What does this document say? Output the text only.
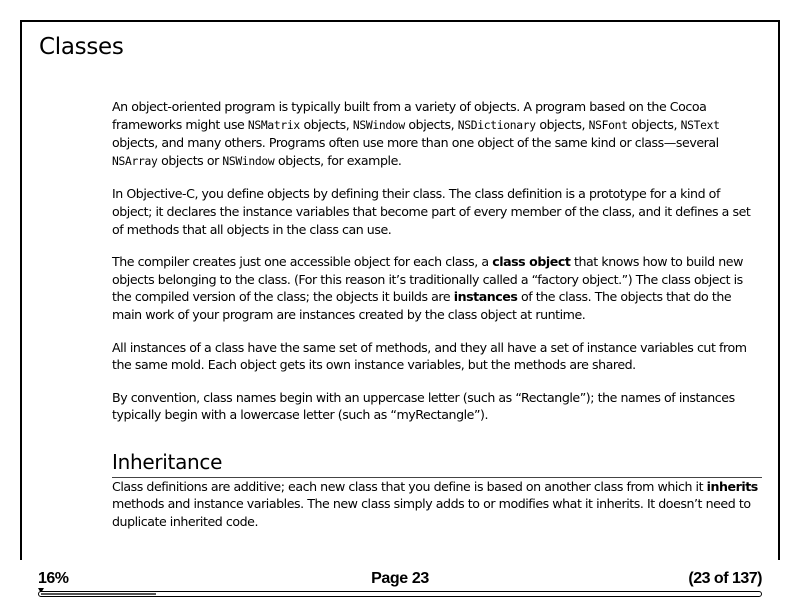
Classes

An object-oriented program is typically built from a variety of objects. A program based on the Cocoa frameworks might use NSMatrix objects, NSWindow objects, NSDictionary objects, NSFont objects, NSText objects, and many others. Programs often use more than one object of the same kind or class—several NSArray objects or NSWindow objects, for example.

In Objective-C, you define objects by defining their class. The class definition is a prototype for a kind of object; it declares the instance variables that become part of every member of the class, and it defines a set of methods that all objects in the class can use.

The compiler creates just one accessible object for each class, a class object that knows how to build new objects belonging to the class. (For this reason it’s traditionally called a “factory object.”) The class object is the compiled version of the class; the objects it builds are instances of the class. The objects that do the main work of your program are instances created by the class object at runtime.

All instances of a class have the same set of methods, and they all have a set of instance variables cut from the same mold. Each object gets its own instance variables, but the methods are shared.

By convention, class names begin with an uppercase letter (such as “Rectangle”); the names of instances typically begin with a lowercase letter (such as “myRectangle”).

Inheritance

Class definitions are additive; each new class that you define is based on another class from which it inherits methods and instance variables. The new class simply adds to or modifies what it inherits. It doesn’t need to duplicate inherited code.

16%	Page 23	(23 of 137)
